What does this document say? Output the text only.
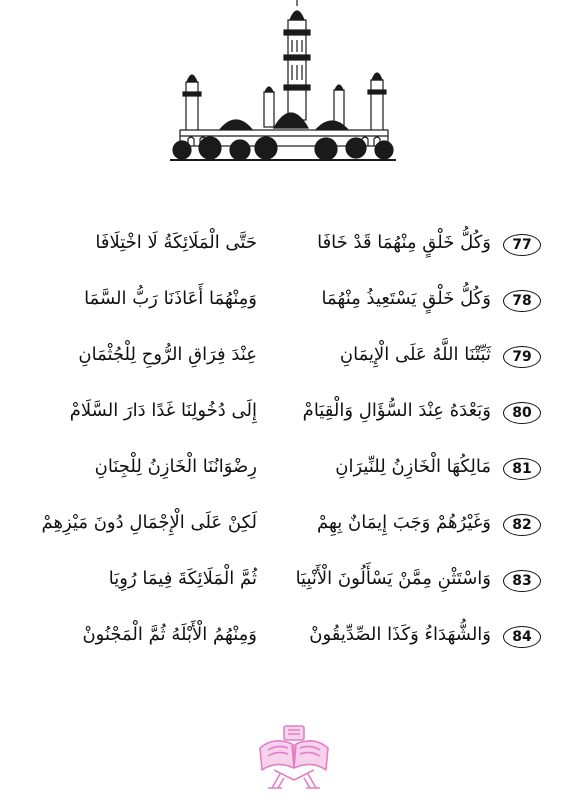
77
وَكُلُّ خَلْقٍ مِنْهُمَا قَدْ خَافَا
حَتَّى الْمَلَائِكَةُ لَا اخْتِلَافَا
78
وَكُلُّ خَلْقٍ يَسْتَعِيذُ مِنْهُمَا
وَمِنْهُمَا أَعَاذَنَا رَبُّ السَّمَا
79
ثَبِّتْنَا اللَّهُ عَلَى الْإِيمَانِ
عِنْدَ فِرَاقِ الرُّوحِ لِلْجُثْمَانِ
80
وَبَعْدَهُ عِنْدَ السُّؤَالِ وَالْقِيَامْ
إِلَى دُخُولِنَا غَدًا دَارَ السَّلَامْ
81
مَالِكُهَا الْخَازِنُ لِلنِّيرَانِ
رِضْوَانُنَا الْخَازِنُ لِلْجِنَانِ
82
وَغَيْرُهُمْ وَجَبَ إِيمَانٌ بِهِمْ
لَكِنْ عَلَى الْإِجْمَالِ دُونَ مَيْزِهِمْ
83
وَاسْتَثْنِ مِمَّنْ يَسْأَلُونَ الْأَنْبِيَا
ثُمَّ الْمَلَائِكَةَ فِيمَا رُوِيَا
84
وَالشُّهَدَاءُ وَكَذَا الصِّدِّيقُونْ
وَمِنْهُمُ الْأَبْلَهُ ثُمَّ الْمَجْنُونْ
